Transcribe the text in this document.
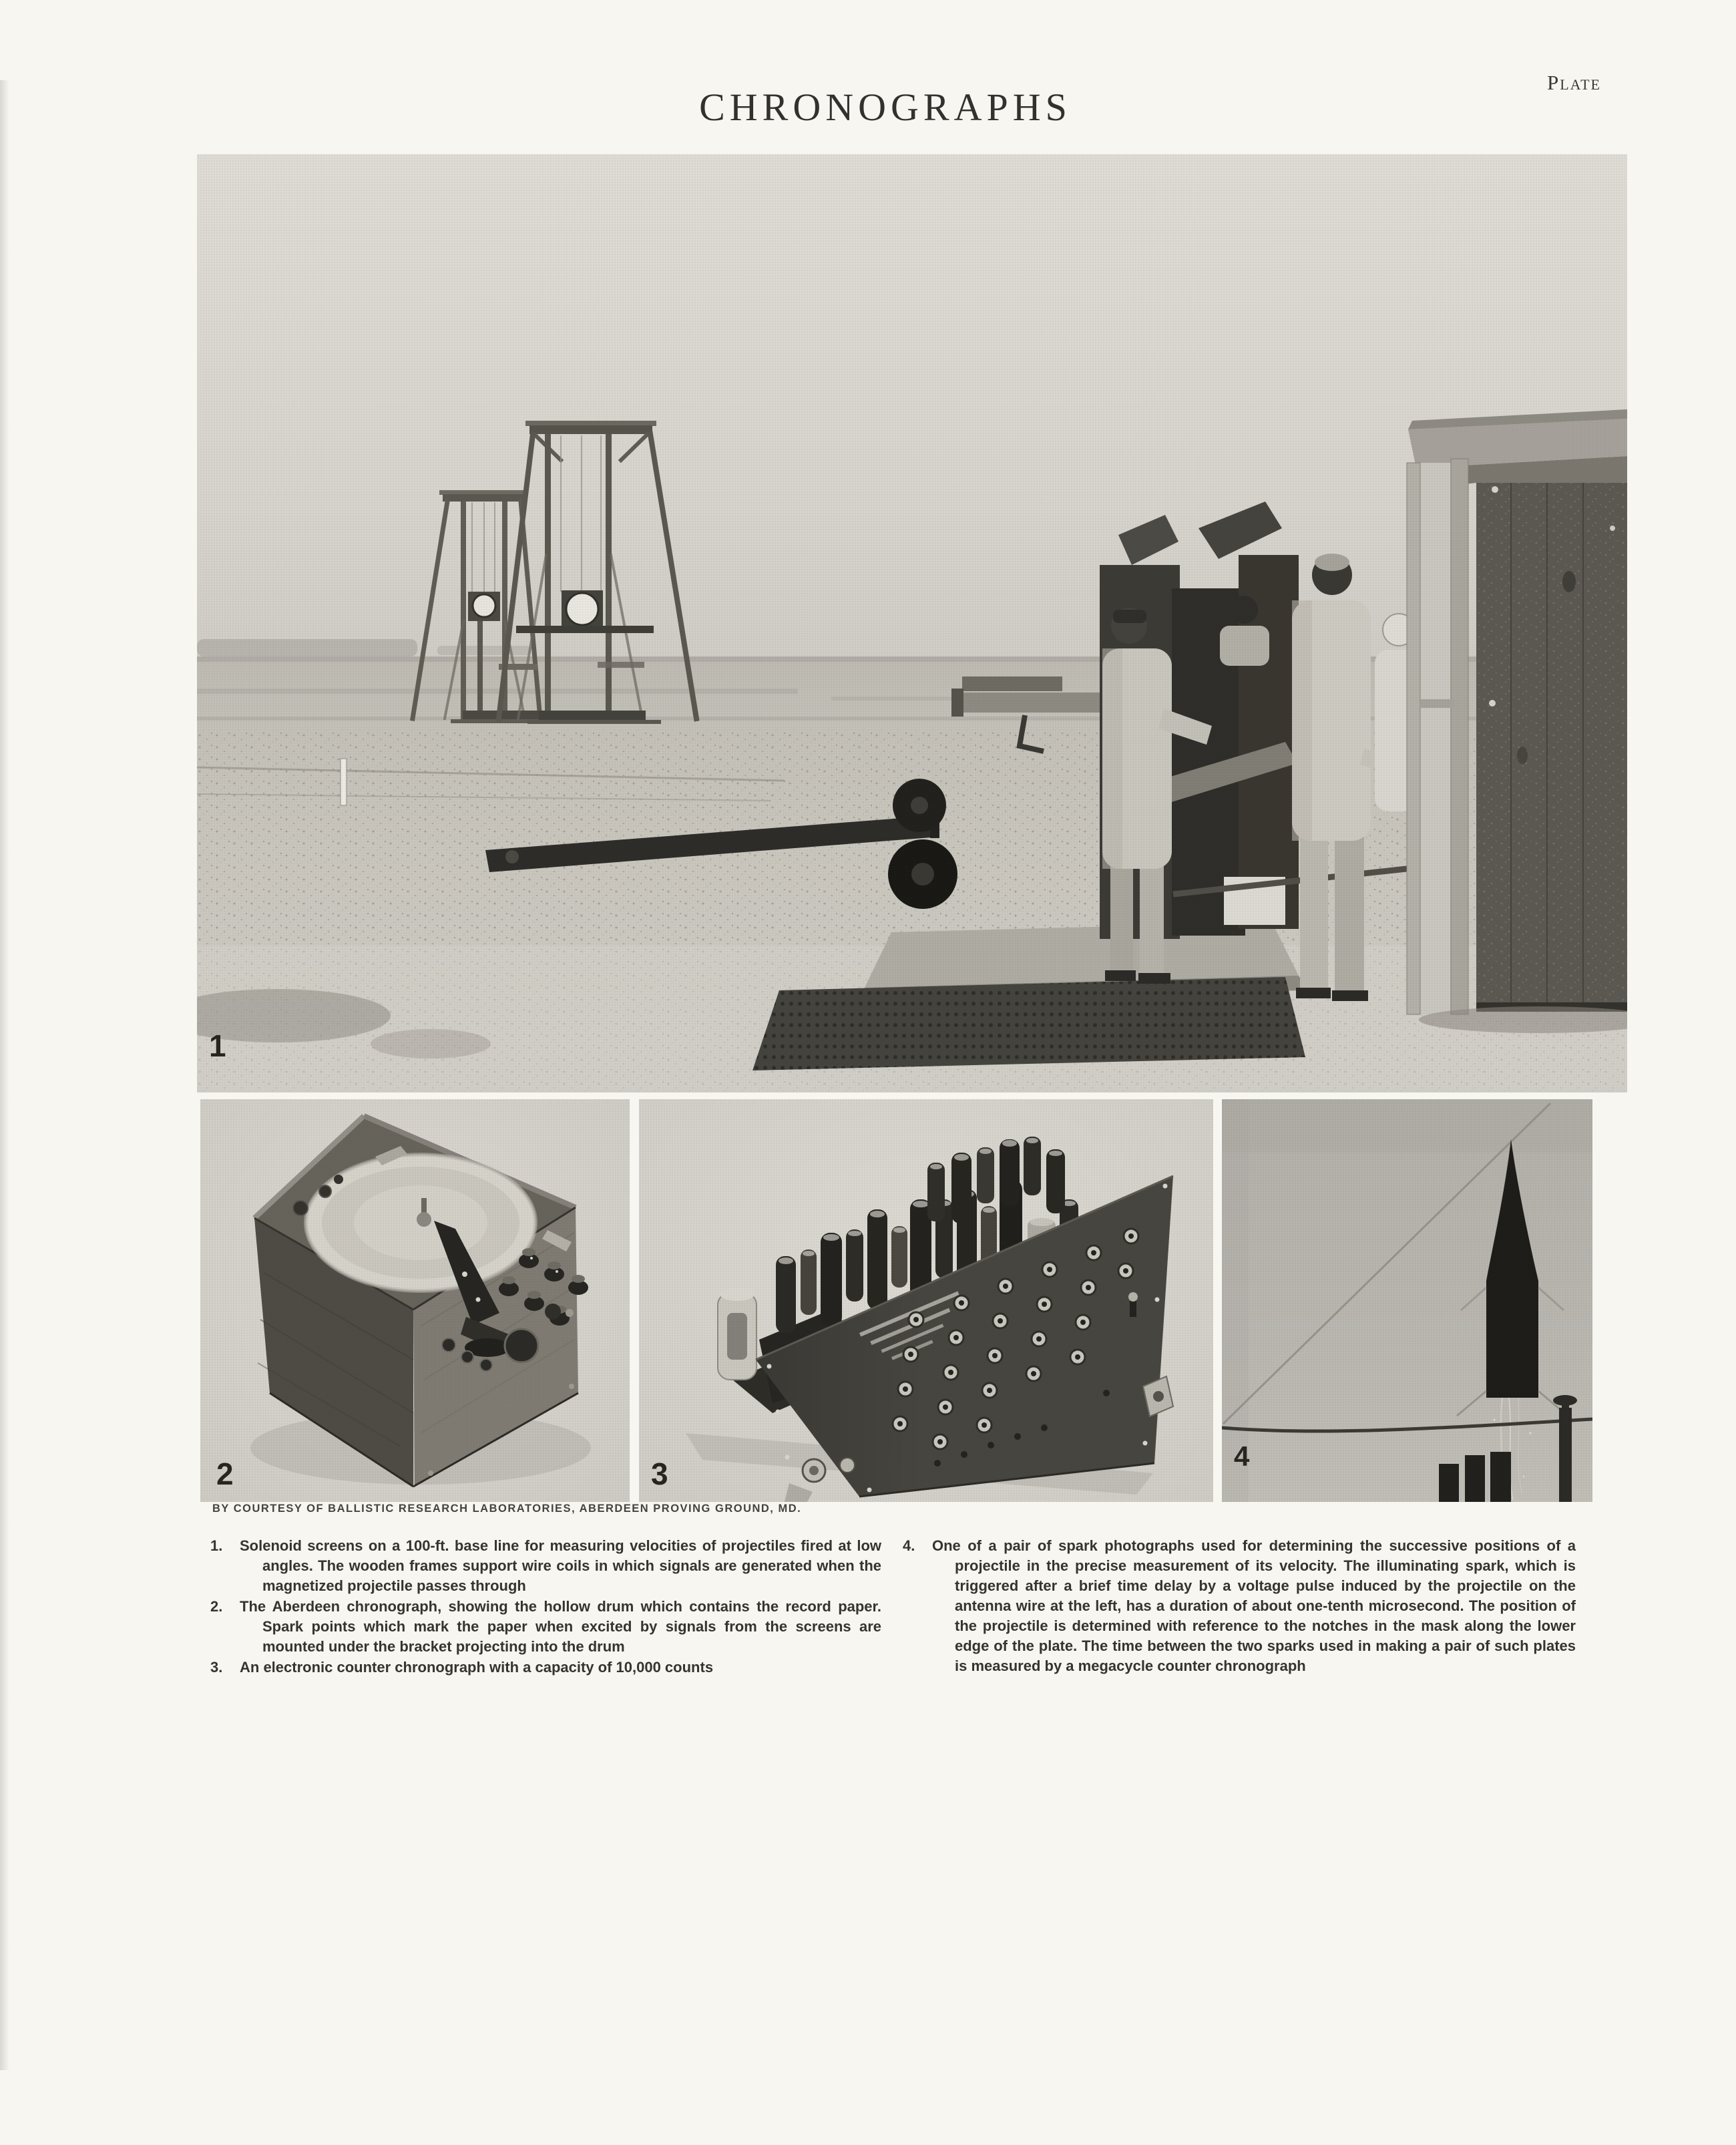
CHRONOGRAPHS
Plate
1
2	3
4
BY COURTESY OF BALLISTIC RESEARCH LABORATORIES, ABERDEEN PROVING GROUND, MD.
1. Solenoid screens on a 100-ft. base line for measuring velocities of projectiles fired at low angles. The wooden frames support wire coils in which signals are generated when the magnetized projectile passes through
2. The Aberdeen chronograph, showing the hollow drum which contains the record paper. Spark points which mark the paper when excited by signals from the screens are mounted under the bracket projecting into the drum
3. An electronic counter chronograph with a capacity of 10,000 counts
4. One of a pair of spark photographs used for determining the successive positions of a projectile in the precise measurement of its velocity. The illuminating spark, which is triggered after a brief time delay by a voltage pulse induced by the projectile on the antenna wire at the left, has a duration of about one-tenth microsecond. The position of the projectile is determined with reference to the notches in the mask along the lower edge of the plate. The time between the two sparks used in making a pair of such plates is measured by a megacycle counter chronograph
